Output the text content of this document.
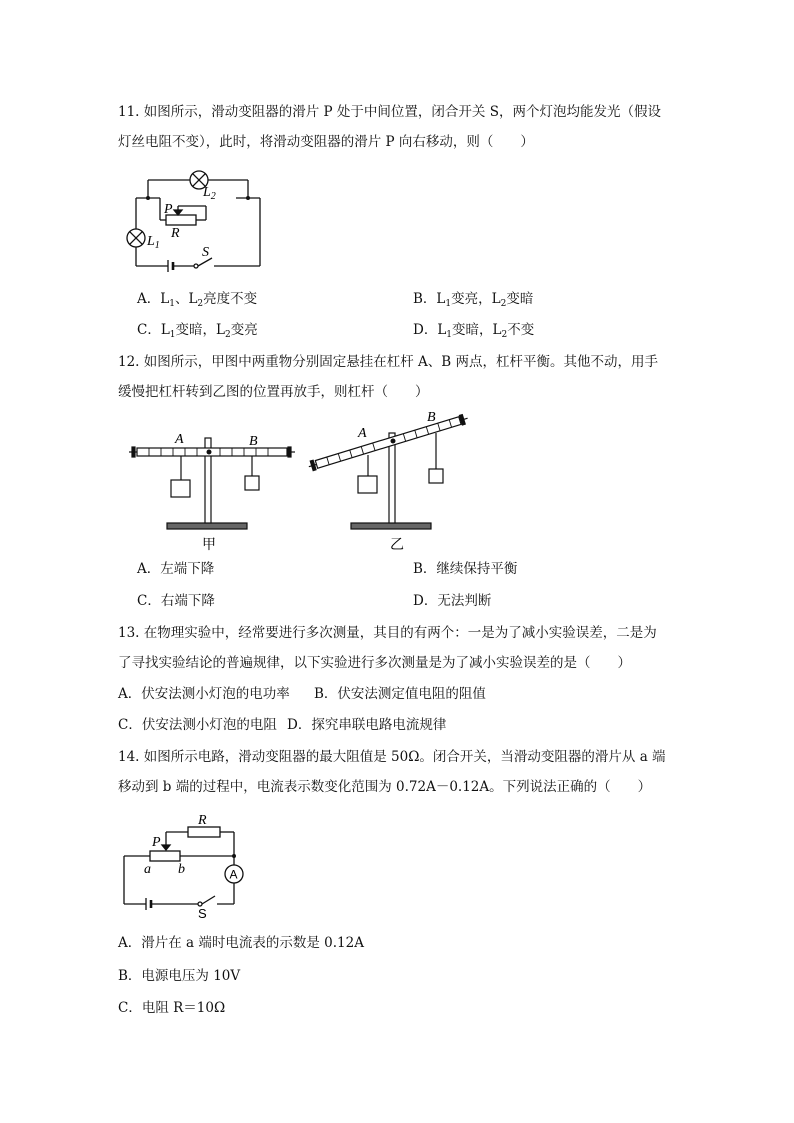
11. 如图所示，滑动变阻器的滑片 P 处于中间位置，闭合开关 S，两个灯泡均能发光（假设
灯丝电阻不变），此时，将滑动变阻器的滑片 P 向右移动，则（　　）
$L_2$
P
R
$L_1$	S
A．$L_1$、$L_2$亮度不变	B．$L_1$变亮，$L_2$变暗
C．$L_1$变暗，$L_2$变亮	D．$L_1$变暗，$L_2$不变
12. 如图所示，甲图中两重物分别固定悬挂在杠杆 A、B 两点，杠杆平衡。其他不动，用手
缓慢把杠杆转到乙图的位置再放手，则杠杆（　　）
A	B
甲
A
B
乙
A．左端下降	B．继续保持平衡
C．右端下降	D．无法判断
13. 在物理实验中，经常要进行多次测量，其目的有两个：一是为了减小实验误差，二是为
了寻找实验结论的普遍规律，以下实验进行多次测量是为了减小实验误差的是（　　）
A．伏安法测小灯泡的电功率 B．伏安法测定值电阻的阻值
C．伏安法测小灯泡的电阻 D．探究串联电路电流规律
14. 如图所示电路，滑动变阻器的最大阻值是 50Ω。闭合开关，当滑动变阻器的滑片从 a 端
移动到 b 端的过程中，电流表示数变化范围为 0.72A－0.12A。下列说法正确的（　　）
R
P
a b	A
S
A．滑片在 a 端时电流表的示数是 0.12A
B．电源电压为 10V
C．电阻 R＝10Ω
